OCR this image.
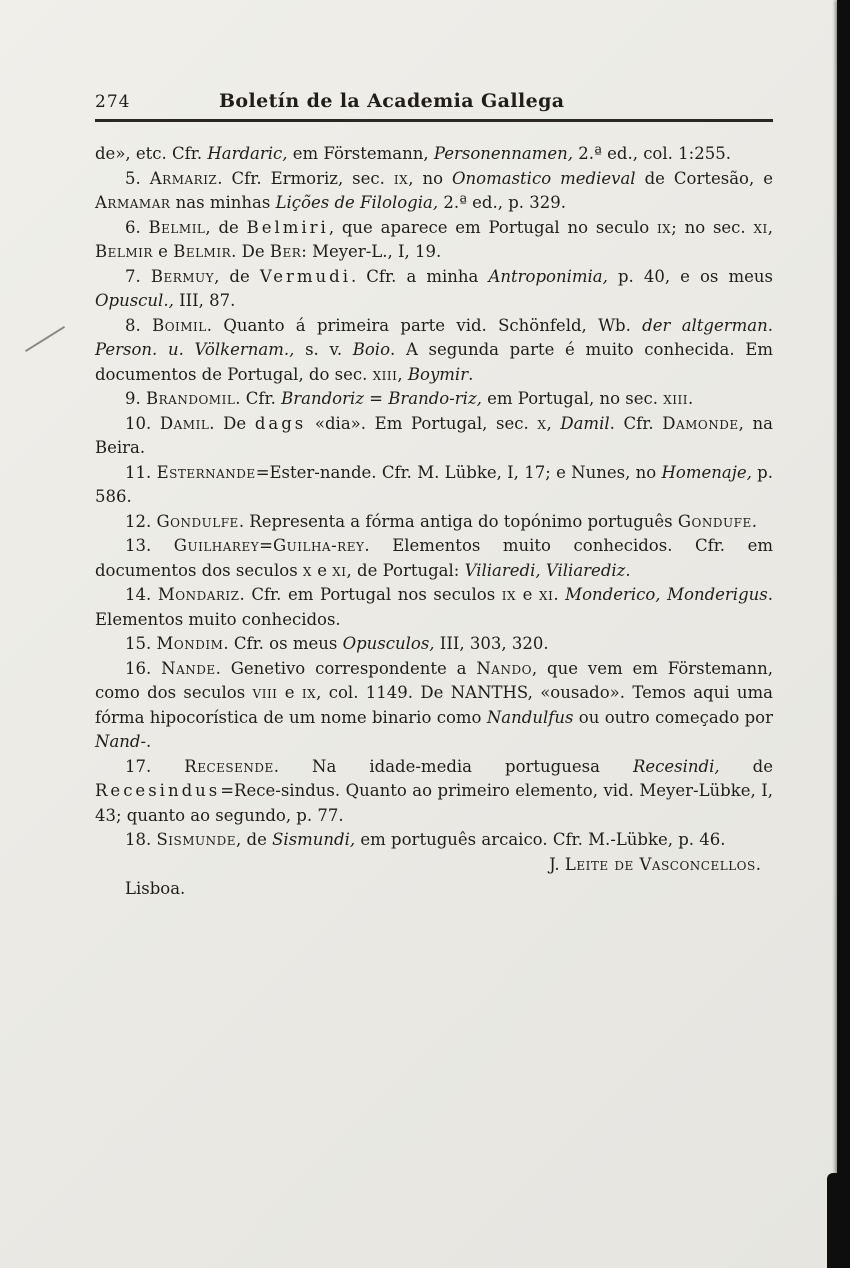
274	Boletín de la Academia Gallega

de», etc. Cfr. Hardaric, em Förstemann, Personennamen, 2.ª ed., col. 1:255.

5. Armariz. Cfr. Ermoriz, sec. ix, no Onomastico medieval de Cortesão, e Armamar nas minhas Lições de Filologia, 2.ª ed., p. 329.

6. Belmil, de Belmiri, que aparece em Portugal no seculo ix; no sec. xi, Belmir e Belmir. De Ber: Meyer-L., I, 19.

7. Bermuy, de Vermudi. Cfr. a minha Antroponimia, p. 40, e os meus Opuscul., III, 87.

8. Boimil. Quanto á primeira parte vid. Schönfeld, Wb. der altgerman. Person. u. Völkernam., s. v. Boio. A segunda parte é muito conhecida. Em documentos de Portugal, do sec. xiii, Boymir.

9. Brandomil. Cfr. Brandoriz = Brando-riz, em Portugal, no sec. xiii.

10. Damil. De dags «dia». Em Portugal, sec. x, Damil. Cfr. Damonde, na Beira.

11. Esternande=Ester-nande. Cfr. M. Lübke, I, 17; e Nunes, no Homenaje, p. 586.

12. Gondulfe. Representa a fórma antiga do topónimo português Gondufe.

13. Guilharey=Guilha-rey. Elementos muito conhecidos. Cfr. em documentos dos seculos x e xi, de Portugal: Viliaredi, Viliarediz.

14. Mondariz. Cfr. em Portugal nos seculos ix e xi. Monderico, Monderigus. Elementos muito conhecidos.

15. Mondim. Cfr. os meus Opusculos, III, 303, 320.

16. Nande. Genetivo correspondente a Nando, que vem em Förstemann, como dos seculos viii e ix, col. 1149. De NANTHS, «ousado». Temos aqui uma fórma hipocorística de um nome binario como Nandulfus ou outro começado por Nand-.

17. Recesende. Na idade-media portuguesa Recesindi, de Recesindus=Rece-sindus. Quanto ao primeiro elemento, vid. Meyer-Lübke, I, 43; quanto ao segundo, p. 77.

18. Sismunde, de Sismundi, em português arcaico. Cfr. M.-Lübke, p. 46.

J. Leite de Vasconcellos.

Lisboa.
